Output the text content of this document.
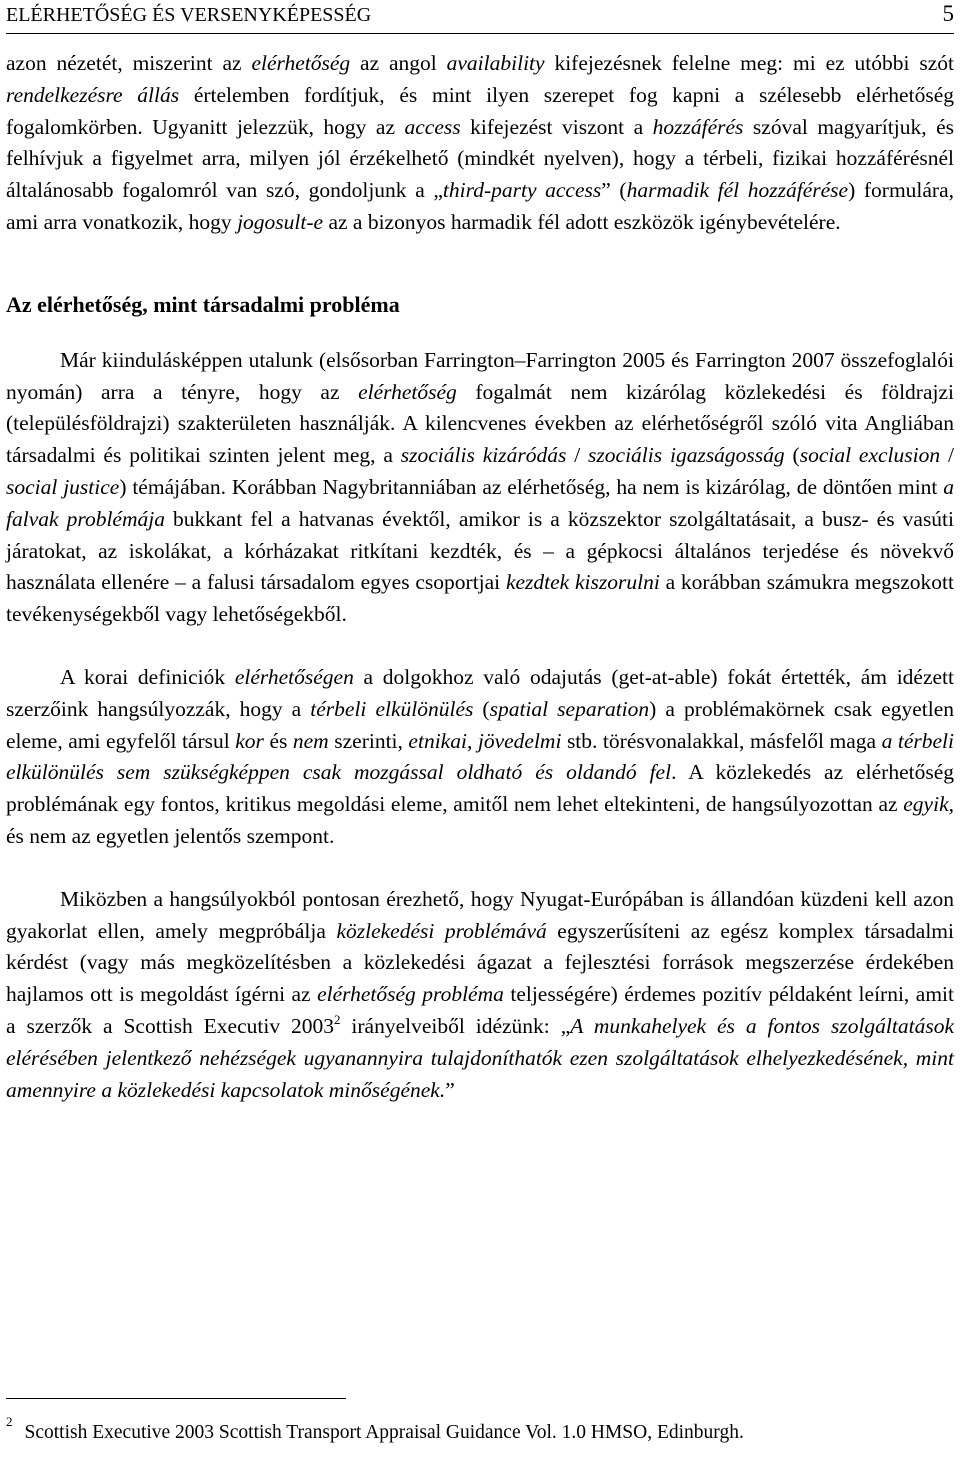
ELÉRHETŐSÉG ÉS VERSENYKÉPESSÉG	5

azon nézetét, miszerint az elérhetőség az angol availability kifejezésnek felelne meg: mi ez utóbbi szót rendelkezésre állás értelemben fordítjuk, és mint ilyen szerepet fog kapni a szélesebb elérhetőség fogalomkörben. Ugyanitt jelezzük, hogy az access kifejezést viszont a hozzáférés szóval magyarítjuk, és felhívjuk a figyelmet arra, milyen jól érzékelhető (mindkét nyelven), hogy a térbeli, fizikai hozzáférésnél általánosabb fogalomról van szó, gondoljunk a „third-party access” (harmadik fél hozzáférése) formulára, ami arra vonatkozik, hogy jogosult-e az a bizonyos harmadik fél adott eszközök igénybevételére.

Az elérhetőség, mint társadalmi probléma

Már kiindulásképpen utalunk (elsősorban Farrington–Farrington 2005 és Farrington 2007 összefoglalói nyomán) arra a tényre, hogy az elérhetőség fogalmát nem kizárólag közlekedési és földrajzi (településföldrajzi) szakterületen használják. A kilencvenes években az elérhetőségről szóló vita Angliában társadalmi és politikai szinten jelent meg, a szociális kizáródás / szociális igazságosság (social exclusion / social justice) témájában. Korábban Nagybritanniában az elérhetőség, ha nem is kizárólag, de döntően mint a falvak problémája bukkant fel a hatvanas évektől, amikor is a közszektor szolgáltatásait, a busz- és vasúti járatokat, az iskolákat, a kórházakat ritkítani kezdték, és – a gépkocsi általános terjedése és növekvő használata ellenére – a falusi társadalom egyes csoportjai kezdtek kiszorulni a korábban számukra megszokott tevékenységekből vagy lehetőségekből.

A korai definiciók elérhetőségen a dolgokhoz való odajutás (get-at-able) fokát értették, ám idézett szerzőink hangsúlyozzák, hogy a térbeli elkülönülés (spatial separation) a problémakörnek csak egyetlen eleme, ami egyfelől társul kor és nem szerinti, etnikai, jövedelmi stb. törésvonalakkal, másfelől maga a térbeli elkülönülés sem szükségképpen csak mozgással oldható és oldandó fel. A közlekedés az elérhetőség problémának egy fontos, kritikus megoldási eleme, amitől nem lehet eltekinteni, de hangsúlyozottan az egyik, és nem az egyetlen jelentős szempont.

Miközben a hangsúlyokból pontosan érezhető, hogy Nyugat-Európában is állandóan küzdeni kell azon gyakorlat ellen, amely megpróbálja közlekedési problémává egyszerűsíteni az egész komplex társadalmi kérdést (vagy más megközelítésben a közlekedési ágazat a fejlesztési források megszerzése érdekében hajlamos ott is megoldást ígérni az elérhetőség probléma teljességére) érdemes pozitív példaként leírni, amit a szerzők a Scottish Executiv 2003$^2$ irányelveiből idézünk: „A munkahelyek és a fontos szolgáltatások elérésében jelentkező nehézségek ugyanannyira tulajdoníthatók ezen szolgáltatások elhelyezkedésének, mint amennyire a közlekedési kapcsolatok minőségének.”

$^2$Scottish Executive 2003 Scottish Transport Appraisal Guidance Vol. 1.0 HMSO, Edinburgh.
